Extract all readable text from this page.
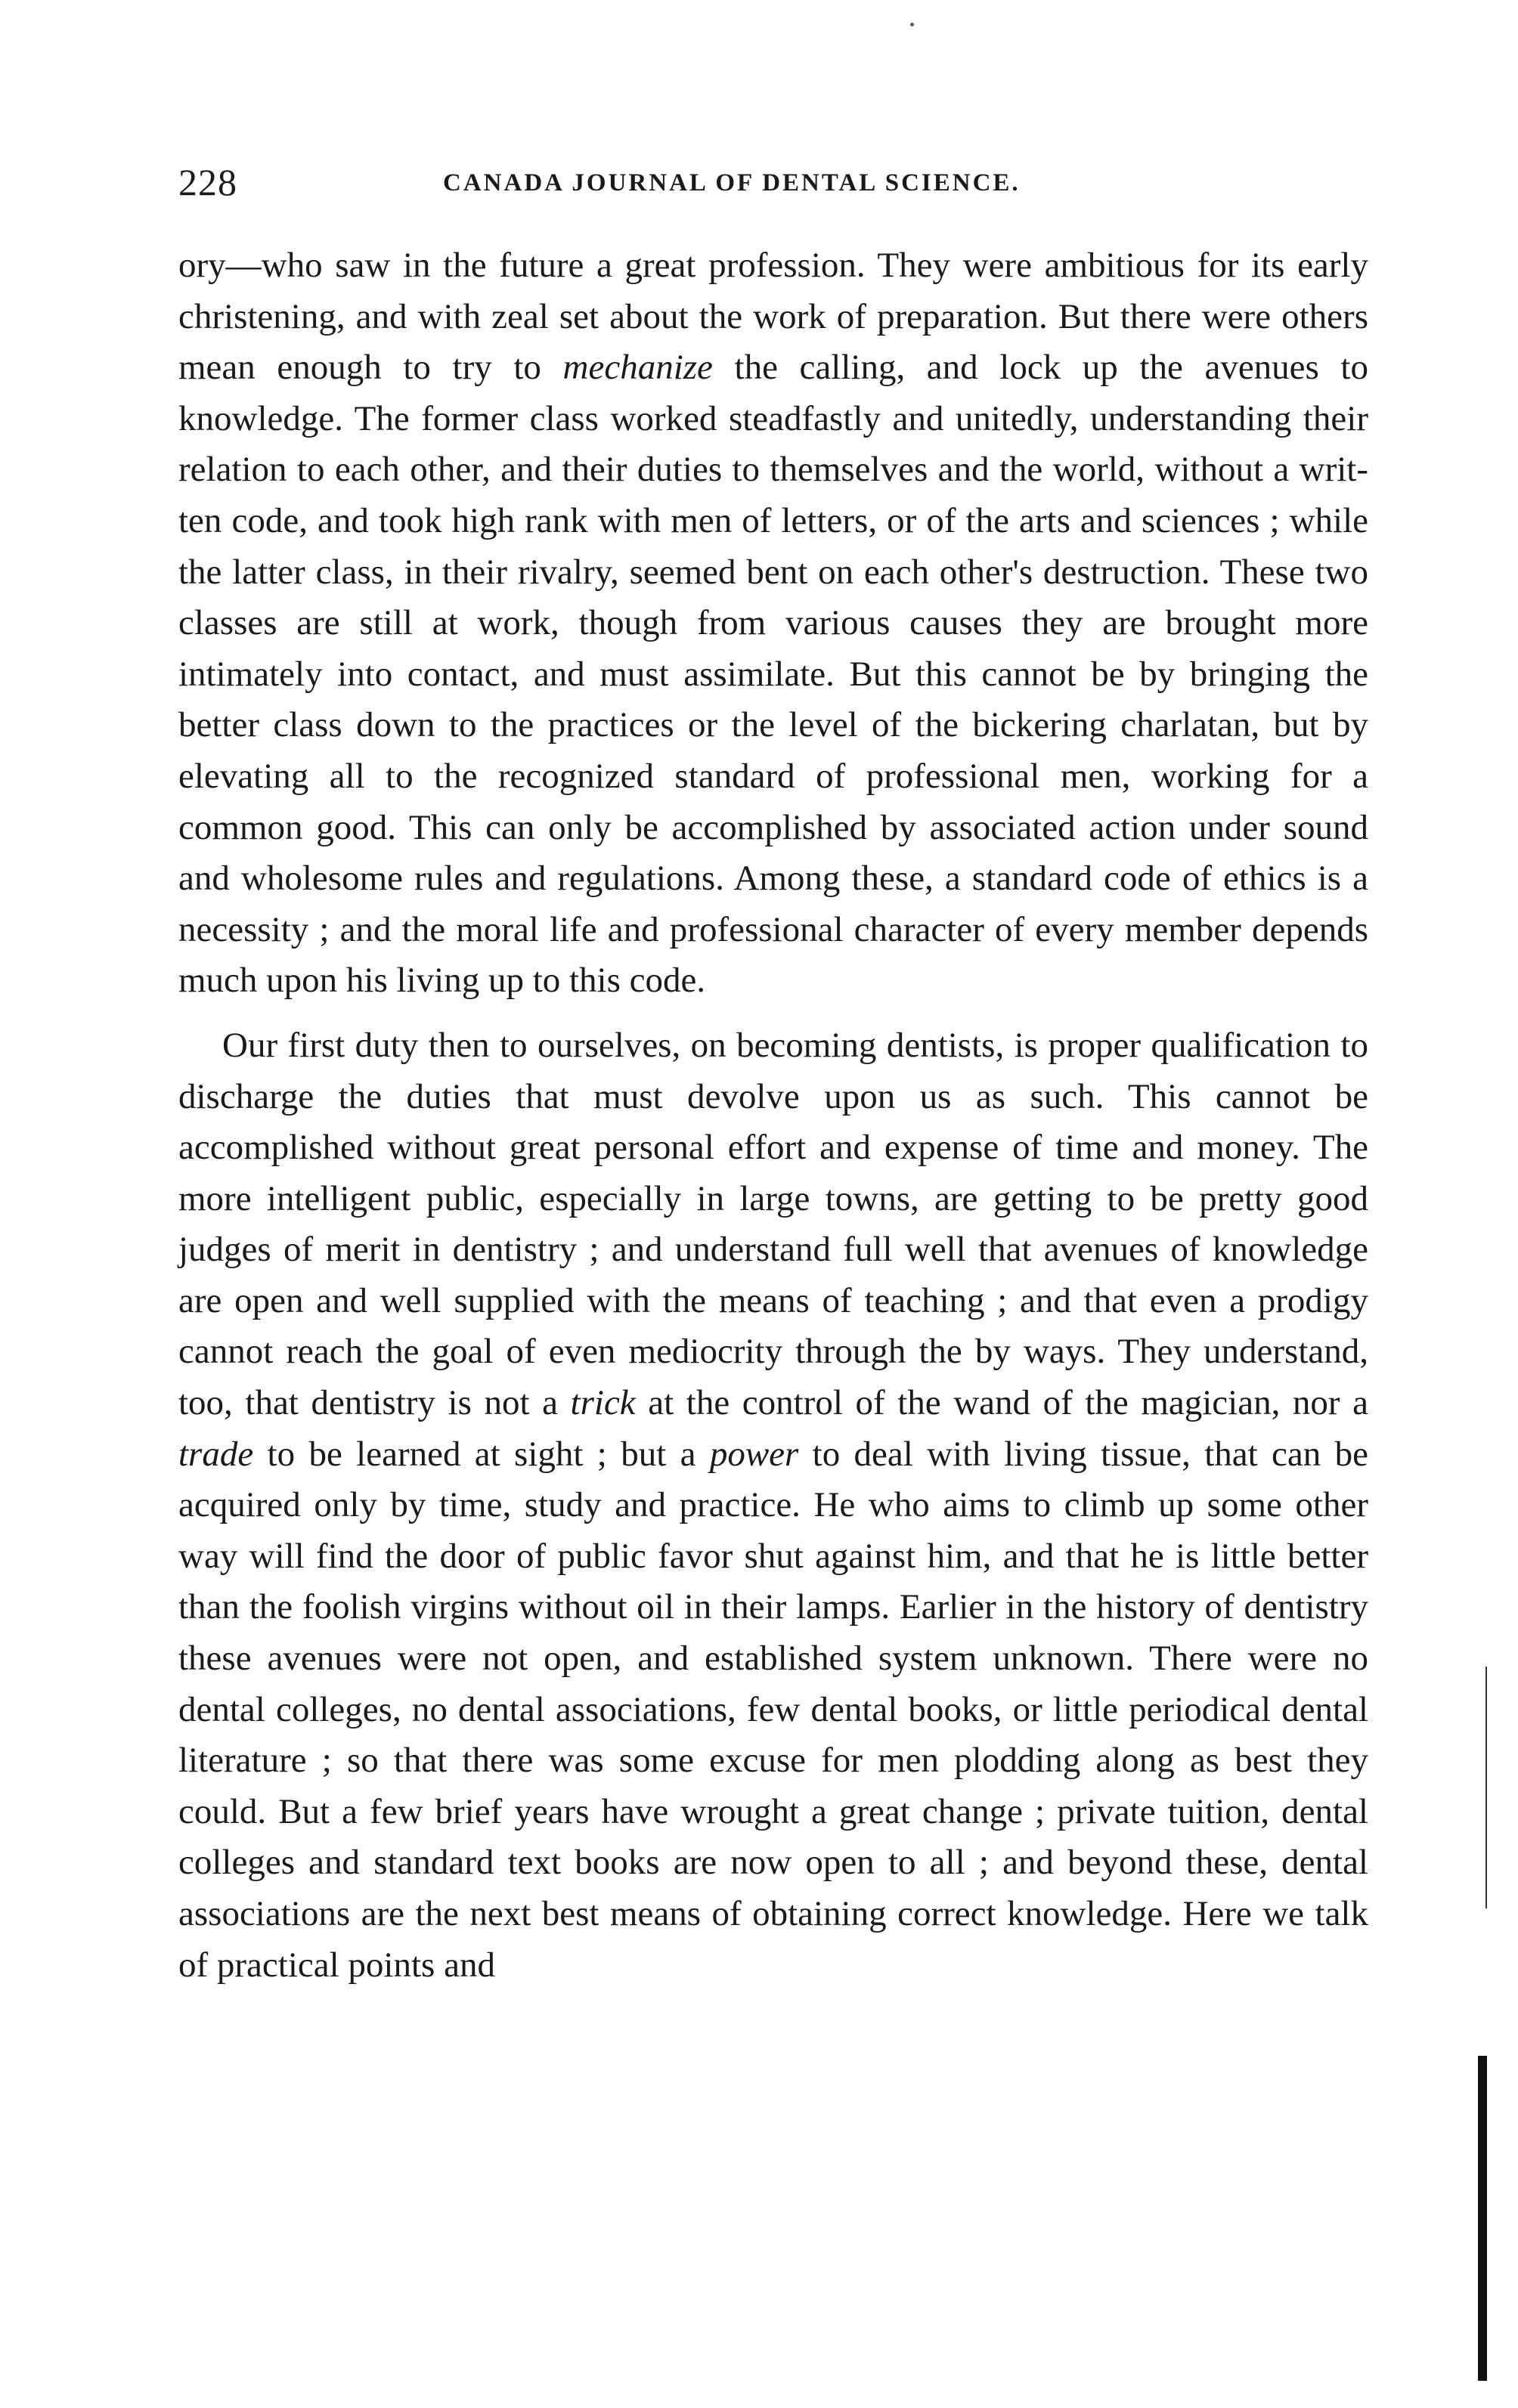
228	CANADA JOURNAL OF DENTAL SCIENCE.

ory—who saw in the future a great profession. They were ambitious for its early christening, and with zeal set about the work of preparation. But there were others mean enough to try to mechanize the calling, and lock up the avenues to knowledge. The former class worked steadfastly and unitedly, understanding their relation to each other, and their duties to themselves and the world, without a written code, and took high rank with men of letters, or of the arts and sciences ; while the latter class, in their rivalry, seemed bent on each other's destruction. These two classes are still at work, though from various causes they are brought more intimately into contact, and must assimilate. But this cannot be by bringing the better class down to the practices or the level of the bickering charlatan, but by elevating all to the recognized standard of professional men, working for a common good. This can only be accomplished by associated action under sound and wholesome rules and regulations. Among these, a standard code of ethics is a necessity ; and the moral life and professional character of every member depends much upon his living up to this code.

Our first duty then to ourselves, on becoming dentists, is proper qualification to discharge the duties that must devolve upon us as such. This cannot be accomplished without great personal effort and expense of time and money. The more intelligent public, especially in large towns, are getting to be pretty good judges of merit in dentistry ; and understand full well that avenues of knowledge are open and well supplied with the means of teaching ; and that even a prodigy cannot reach the goal of even mediocrity through the by ways. They understand, too, that dentistry is not a trick at the control of the wand of the magician, nor a trade to be learned at sight ; but a power to deal with living tissue, that can be acquired only by time, study and practice. He who aims to climb up some other way will find the door of public favor shut against him, and that he is little better than the foolish virgins without oil in their lamps. Earlier in the history of dentistry these avenues were not open, and established system unknown. There were no dental colleges, no dental associations, few dental books, or little periodical dental literature ; so that there was some excuse for men plodding along as best they could. But a few brief years have wrought a great change ; private tuition, dental colleges and standard text books are now open to all ; and beyond these, dental associations are the next best means of obtaining correct knowledge. Here we talk of practical points and
